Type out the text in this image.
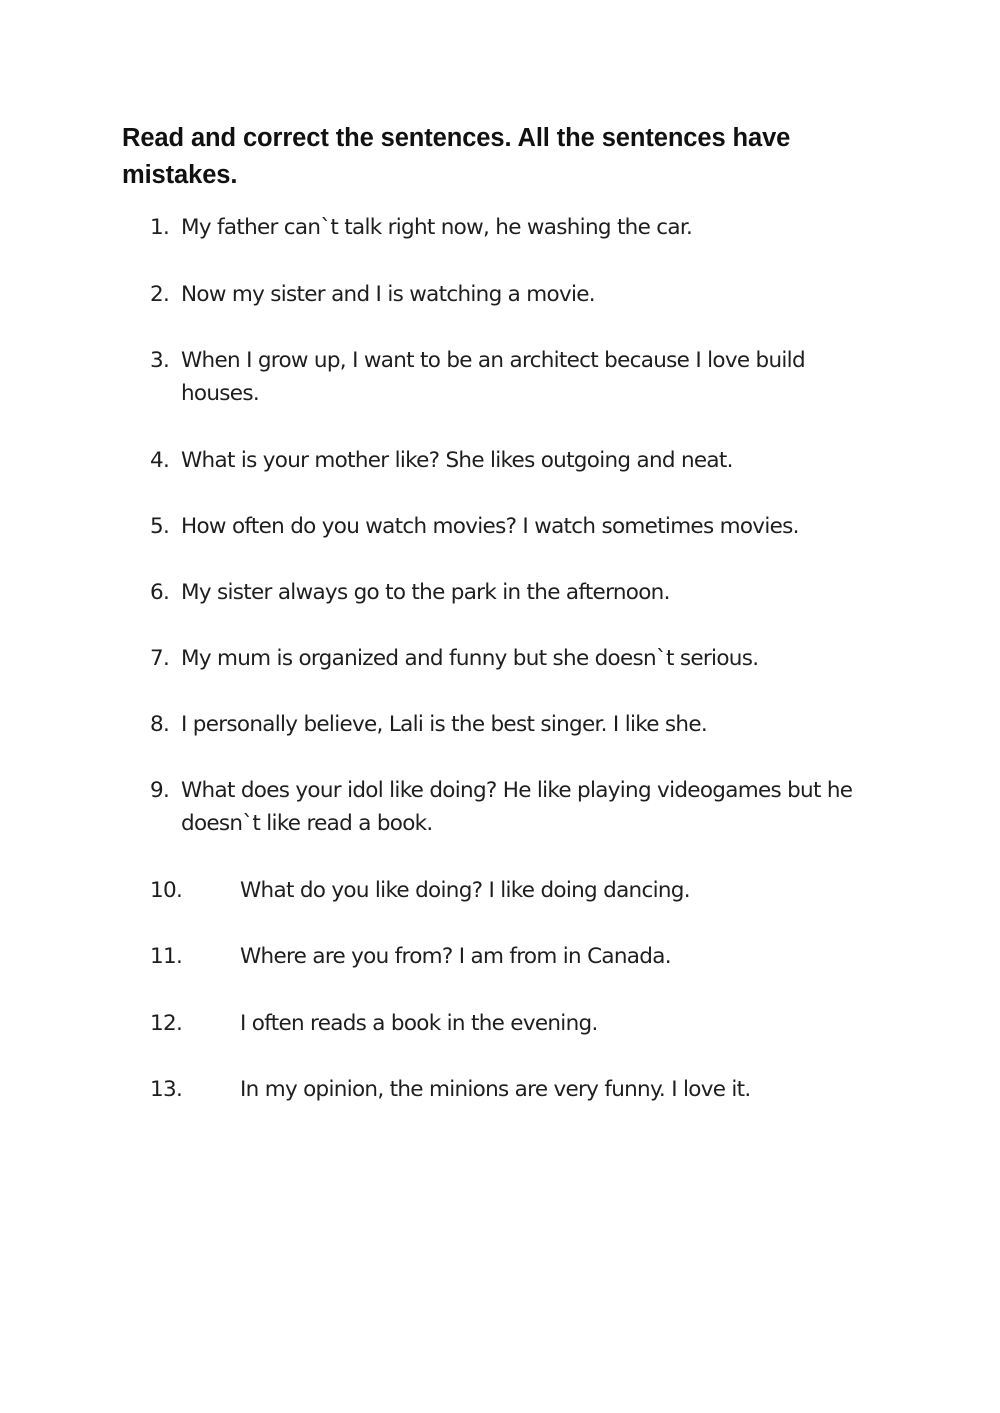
Read and correct the sentences. All the sentences have mistakes.
1. My father can`t talk right now, he washing the car.
2. Now my sister and I is watching a movie.
3. When I grow up, I want to be an architect because I love build houses.
4. What is your mother like? She likes outgoing and neat.
5. How often do you watch movies? I watch sometimes movies.
6. My sister always go to the park in the afternoon.
7. My mum is organized and funny but she doesn`t serious.
8. I personally believe, Lali is the best singer. I like she.
9. What does your idol like doing? He like playing videogames but he doesn`t like read a book.
10.	What do you like doing? I like doing dancing.
11.	Where are you from? I am from in Canada.
12.	I often reads a book in the evening.
13.	In my opinion, the minions are very funny. I love it.
